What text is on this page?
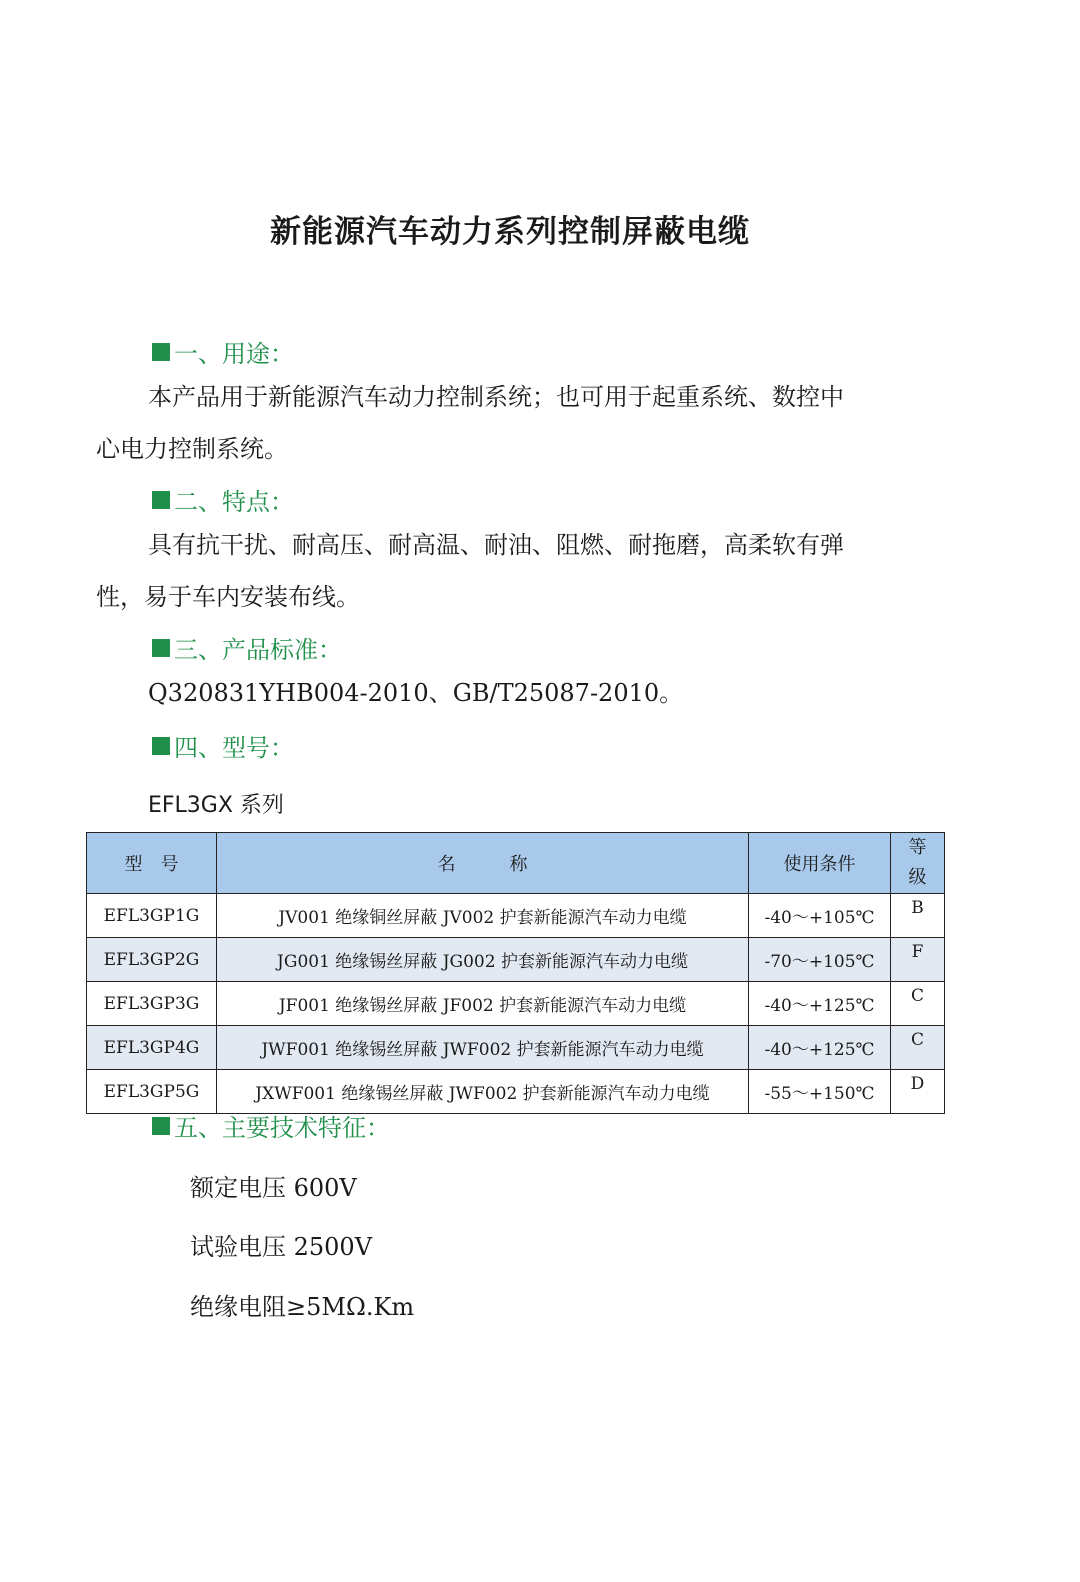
新能源汽车动力系列控制屏蔽电缆
一、用途：
本产品用于新能源汽车动力控制系统；也可用于起重系统、数控中
心电力控制系统。
二、特点：
具有抗干扰、耐高压、耐高温、耐油、阻燃、耐拖磨，高柔软有弹
性，易于车内安装布线。
三、产品标准：
Q320831YHB004-2010、GB/T25087-2010。
四、型号：
EFL3GX 系列
型　号	名　　　称	使用条件	等级

EFL3GP1G	JV001 绝缘铜丝屏蔽 JV002 护套新能源汽车动力电缆	-40～+105℃	B
EFL3GP2G	JG001 绝缘锡丝屏蔽 JG002 护套新能源汽车动力电缆	-70～+105℃	F
EFL3GP3G	JF001 绝缘锡丝屏蔽 JF002 护套新能源汽车动力电缆	-40～+125℃	C
EFL3GP4G	JWF001 绝缘锡丝屏蔽 JWF002 护套新能源汽车动力电缆	-40～+125℃	C
EFL3GP5G	JXWF001 绝缘锡丝屏蔽 JWF002 护套新能源汽车动力电缆	-55～+150℃	D
五、主要技术特征：
额定电压 600V
试验电压 2500V
绝缘电阻≥5MΩ.Km
